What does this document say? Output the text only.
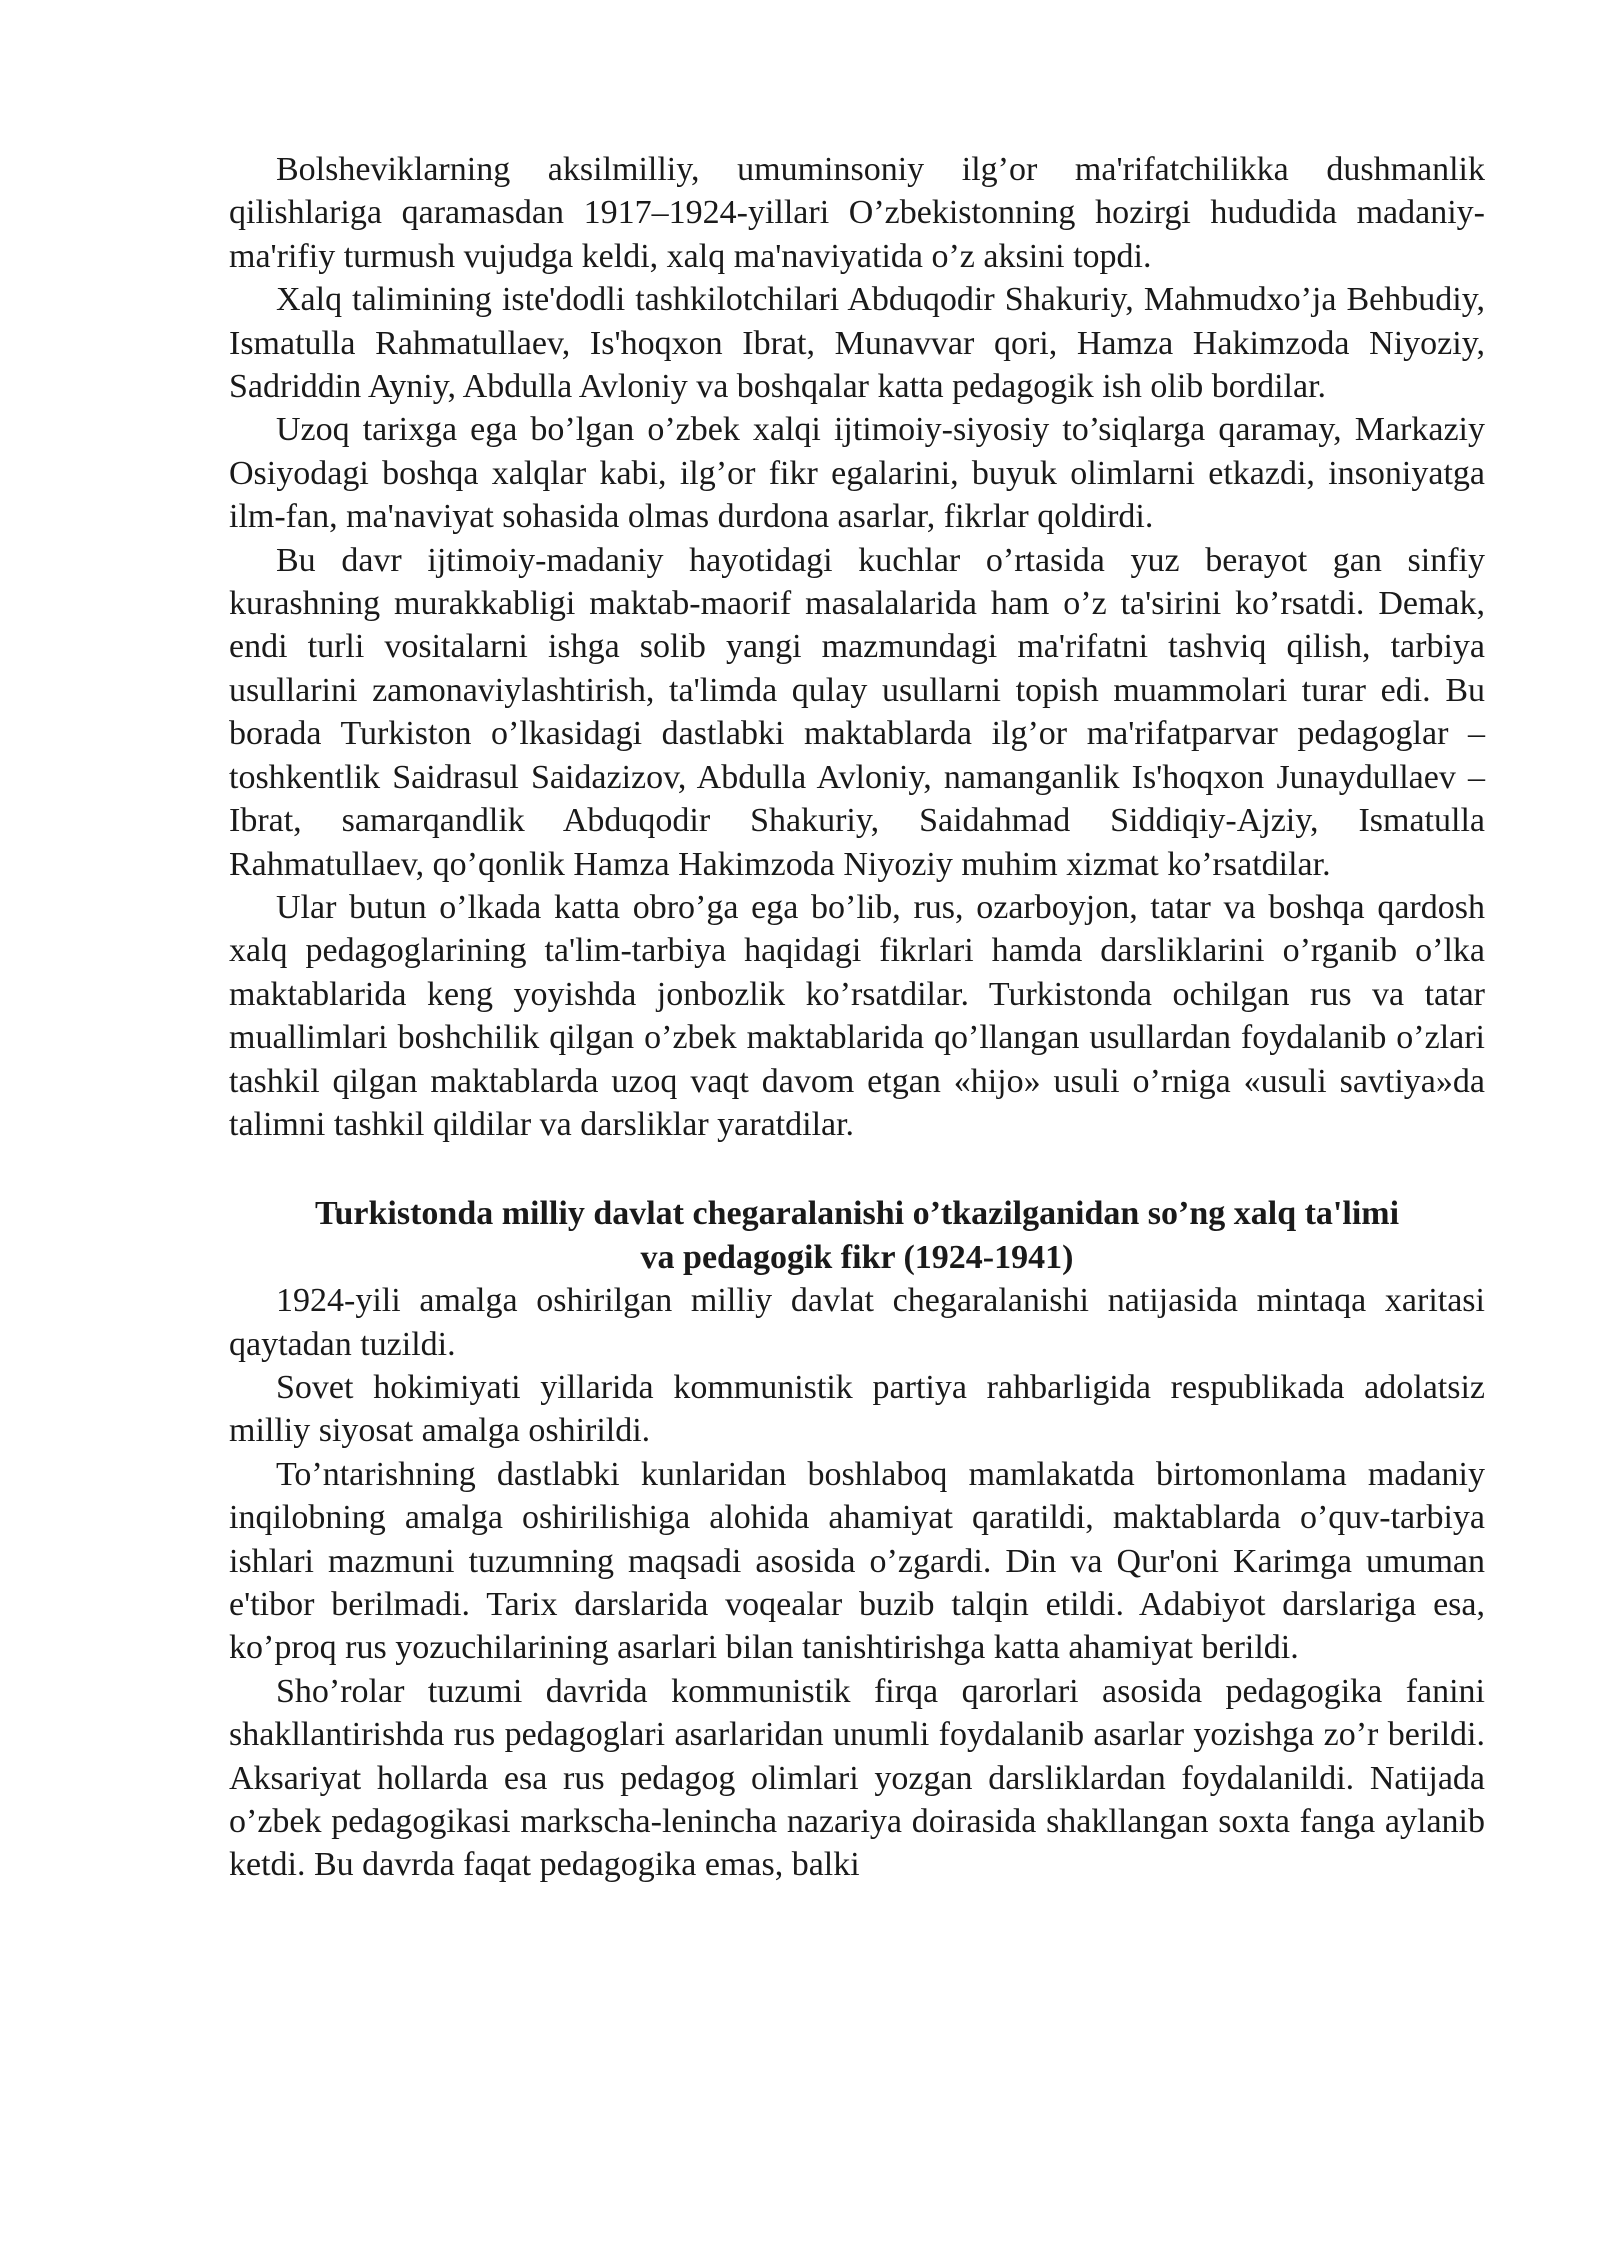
Bolsheviklarning aksilmilliy, umuminsoniy ilg’or ma'rifatchilikka dushmanlik qilishlariga qaramasdan 1917–1924-yillari O’zbekistonning hozirgi hududida madaniy-ma'rifiy turmush vujudga keldi, xalq ma'naviyatida o’z aksini topdi.

Xalq talimining iste'dodli tashkilotchilari Abduqodir Shakuriy, Mahmudxo’ja Behbudiy, Ismatulla Rahmatullaev, Is'hoqxon Ibrat, Munavvar qori, Hamza Hakimzoda Niyoziy, Sadriddin Ayniy, Abdulla Avloniy va boshqalar katta pedagogik ish olib bordilar.

Uzoq tarixga ega bo’lgan o’zbek xalqi ijtimoiy-siyosiy to’siqlarga qaramay, Markaziy Osiyodagi boshqa xalqlar kabi, ilg’or fikr egalarini, buyuk olimlarni etkazdi, insoniyatga ilm-fan, ma'naviyat sohasida olmas durdona asarlar, fikrlar qoldirdi.

Bu davr ijtimoiy-madaniy hayotidagi kuchlar o’rtasida yuz berayot gan sinfiy kurashning murakkabligi maktab-maorif masalalarida ham o’z ta'sirini ko’rsatdi. Demak, endi turli vositalarni ishga solib yangi mazmundagi ma'rifatni tashviq qilish, tarbiya usullarini zamonaviylashtirish, ta'limda qulay usullarni topish muammolari turar edi. Bu borada Turkiston o’lkasidagi dastlabki maktablarda ilg’or ma'rifatparvar pedagoglar – toshkentlik Saidrasul Saidazizov, Abdulla Avloniy, namanganlik Is'hoqxon Junaydullaev – Ibrat, samarqandlik Abduqodir Shakuriy, Saidahmad Siddiqiy-Ajziy, Ismatulla Rahmatullaev, qo’qonlik Hamza Hakimzoda Niyoziy muhim xizmat ko’rsatdilar.

Ular butun o’lkada katta obro’ga ega bo’lib, rus, ozarboyjon, tatar va boshqa qardosh xalq pedagoglarining ta'lim-tarbiya haqidagi fikrlari hamda darsliklarini o’rganib o’lka maktablarida keng yoyishda jonbozlik ko’rsatdilar. Turkistonda ochilgan rus va tatar muallimlari boshchilik qilgan o’zbek maktablarida qo’llangan usullardan foydalanib o’zlari tashkil qilgan maktablarda uzoq vaqt davom etgan «hijo» usuli o’rniga «usuli savtiya»da talimni tashkil qildilar va darsliklar yaratdilar.

Turkistonda milliy davlat chegaralanishi o’tkazilganidan so’ng xalq ta'limi
va pedagogik fikr (1924-1941)

1924-yili amalga oshirilgan milliy davlat chegaralanishi natijasida mintaqa xaritasi qaytadan tuzildi.

Sovet hokimiyati yillarida kommunistik partiya rahbarligida respublikada adolatsiz milliy siyosat amalga oshirildi.

To’ntarishning dastlabki kunlaridan boshlaboq mamlakatda birtomonlama madaniy inqilobning amalga oshirilishiga alohida ahamiyat qaratildi, maktablarda o’quv-tarbiya ishlari mazmuni tuzumning maqsadi asosida o’zgardi. Din va Qur'oni Karimga umuman e'tibor berilmadi. Tarix darslarida voqealar buzib talqin etildi. Adabiyot darslariga esa, ko’proq rus yozuchilarining asarlari bilan tanishtirishga katta ahamiyat berildi.

Sho’rolar tuzumi davrida kommunistik firqa qarorlari asosida pedagogika fanini shakllantirishda rus pedagoglari asarlaridan unumli foydalanib asarlar yozishga zo’r berildi. Aksariyat hollarda esa rus pedagog olimlari yozgan darsliklardan foydalanildi. Natijada o’zbek pedagogikasi markscha-lenincha nazariya doirasida shakllangan soxta fanga aylanib ketdi. Bu davrda faqat pedagogika emas, balki
